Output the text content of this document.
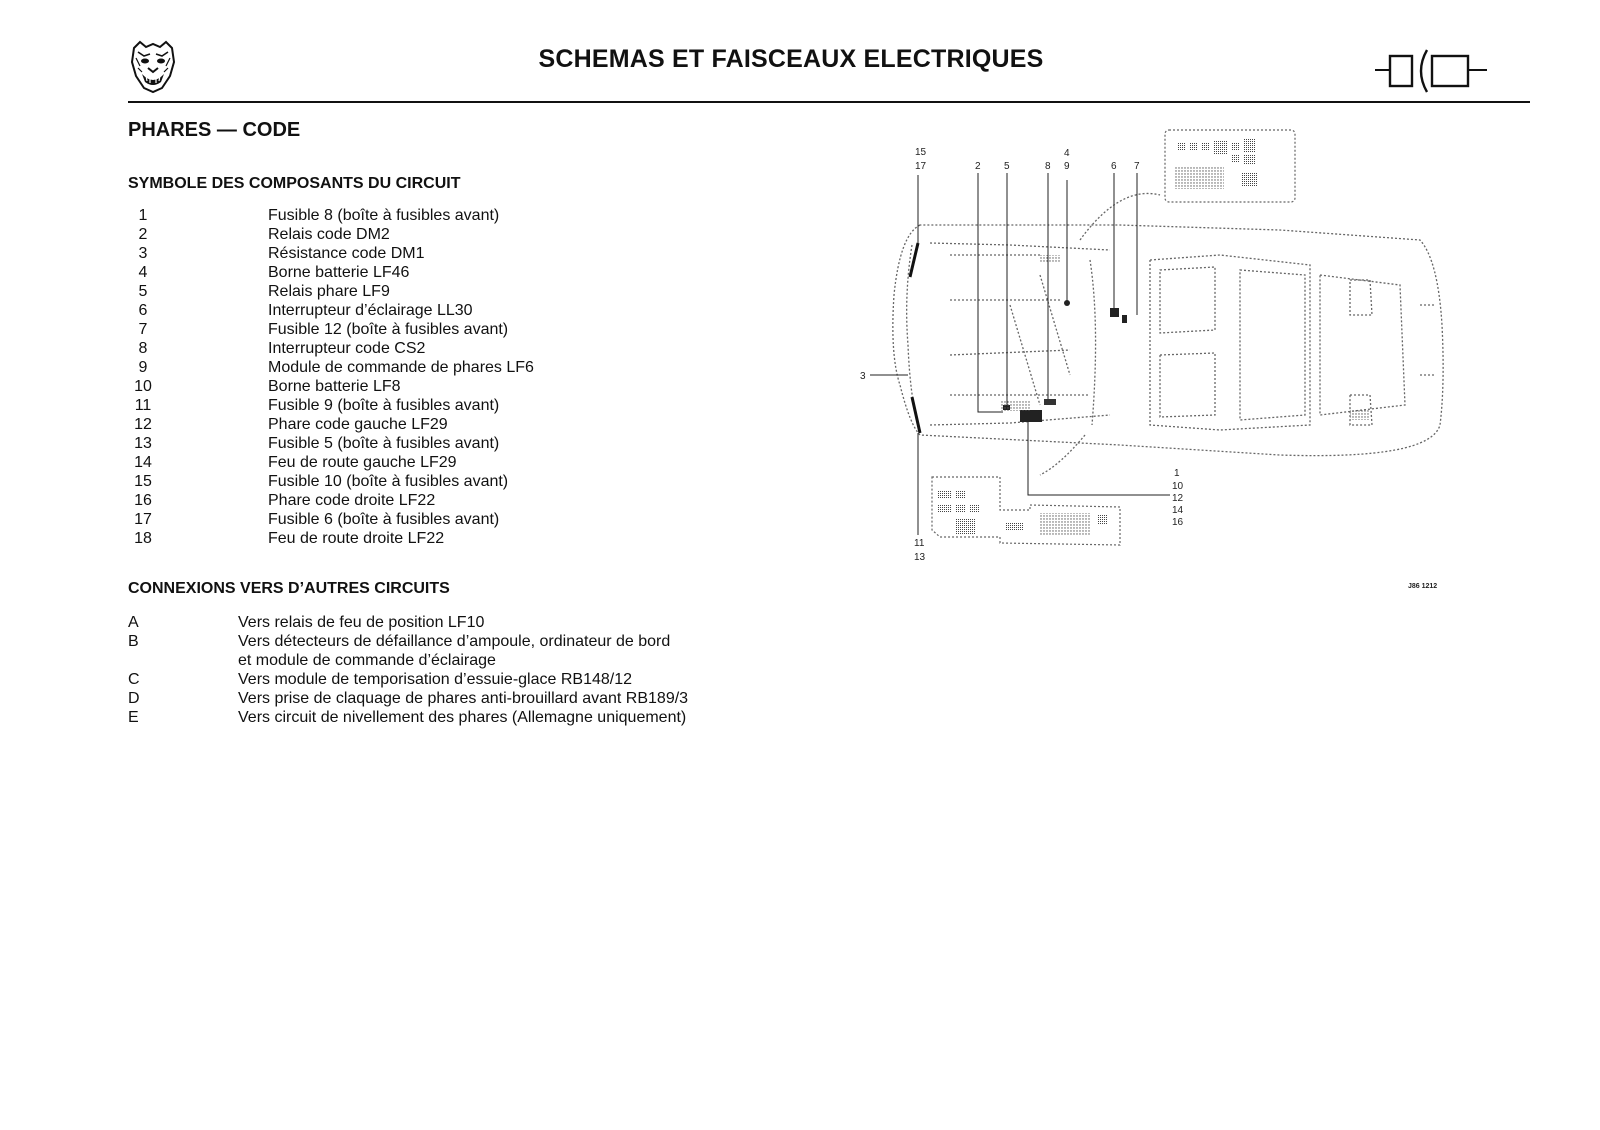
SCHEMAS ET FAISCEAUX ELECTRIQUES
PHARES — CODE
SYMBOLE DES COMPOSANTS DU CIRCUIT
1	Fusible 8 (boîte à fusibles avant)
2	Relais code DM2
3	Résistance code DM1
4	Borne batterie LF46
5	Relais phare LF9
6	Interrupteur d’éclairage LL30
7	Fusible 12 (boîte à fusibles avant)
8	Interrupteur code CS2
9	Module de commande de phares LF6
10	Borne batterie LF8
11	Fusible 9 (boîte à fusibles avant)
12	Phare code gauche LF29
13	Fusible 5 (boîte à fusibles avant)
14	Feu de route gauche LF29
15	Fusible 10 (boîte à fusibles avant)
16	Phare code droite LF22
17	Fusible 6 (boîte à fusibles avant)
18	Feu de route droite LF22
CONNEXIONS VERS D’AUTRES CIRCUITS
A	Vers relais de feu de position LF10
B	Vers détecteurs de défaillance d’ampoule, ordinateur de bord
et module de commande d’éclairage
C	Vers module de temporisation d’essuie-glace RB148/12
D	Vers prise de claquage de phares anti-brouillard avant RB189/3
E	Vers circuit de nivellement des phares (Allemagne uniquement)
15
17	2 5	8
4
9	6 7
3
11
13
1
10
12
14
16
J86 1212
